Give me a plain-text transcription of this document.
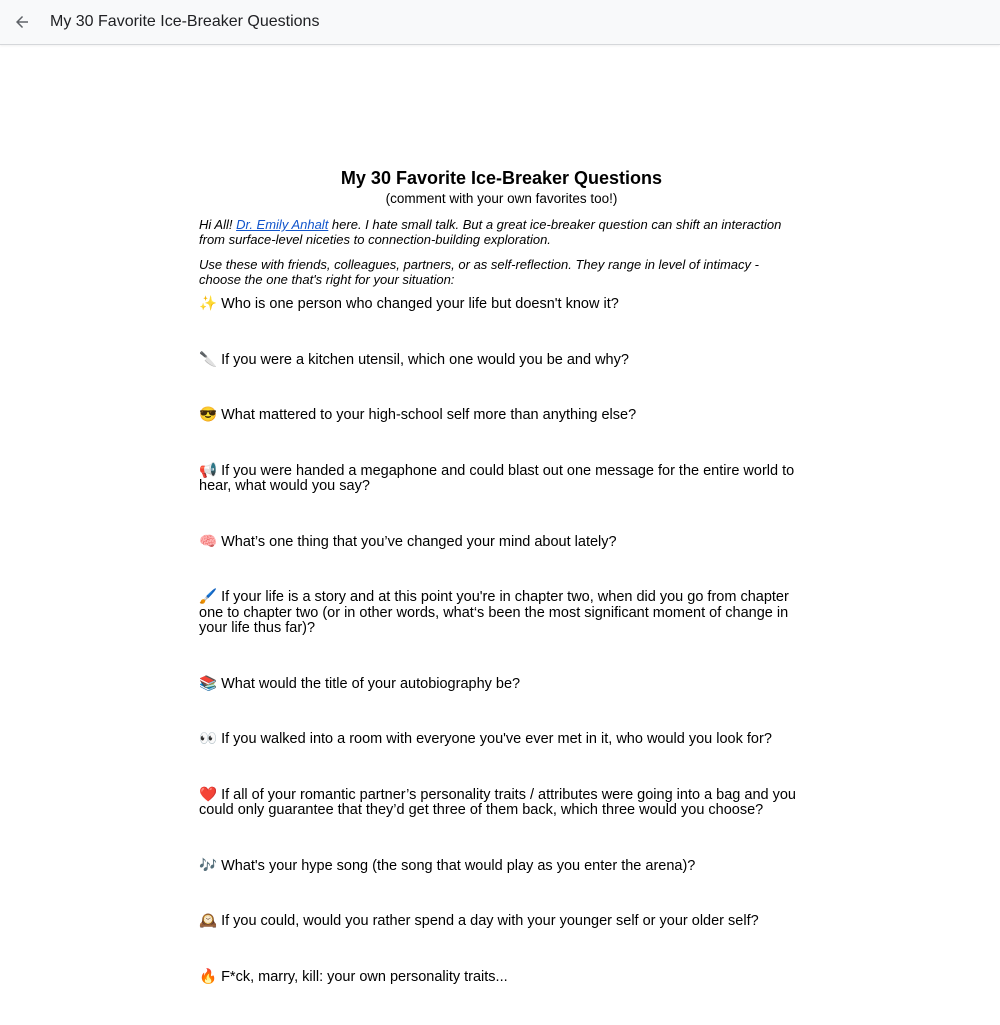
My 30 Favorite Ice-Breaker Questions
My 30 Favorite Ice-Breaker Questions

(comment with your own favorites too!)

Hi All! Dr. Emily Anhalt here. I hate small talk. But a great ice-breaker question can shift an interaction from surface-level niceties to connection-building exploration.

Use these with friends, colleagues, partners, or as self-reflection. They range in level of intimacy - choose the one that's right for your situation:

✨ Who is one person who changed your life but doesn't know it?
🔪 If you were a kitchen utensil, which one would you be and why?
😎 What mattered to your high-school self more than anything else?
📢 If you were handed a megaphone and could blast out one message for the entire world to hear, what would you say?
🧠 What’s one thing that you’ve changed your mind about lately?
🖌️ If your life is a story and at this point you're in chapter two, when did you go from chapter one to chapter two (or in other words, what‘s been the most significant moment of change in your life thus far)?
📚 What would the title of your autobiography be?
👀 If you walked into a room with everyone you've ever met in it, who would you look for?
❤️ If all of your romantic partner’s personality traits / attributes were going into a bag and you could only guarantee that they’d get three of them back, which three would you choose?
🎶 What's your hype song (the song that would play as you enter the arena)?
🕰️ If you could, would you rather spend a day with your younger self or your older self?
🔥 F*ck, marry, kill: your own personality traits...
